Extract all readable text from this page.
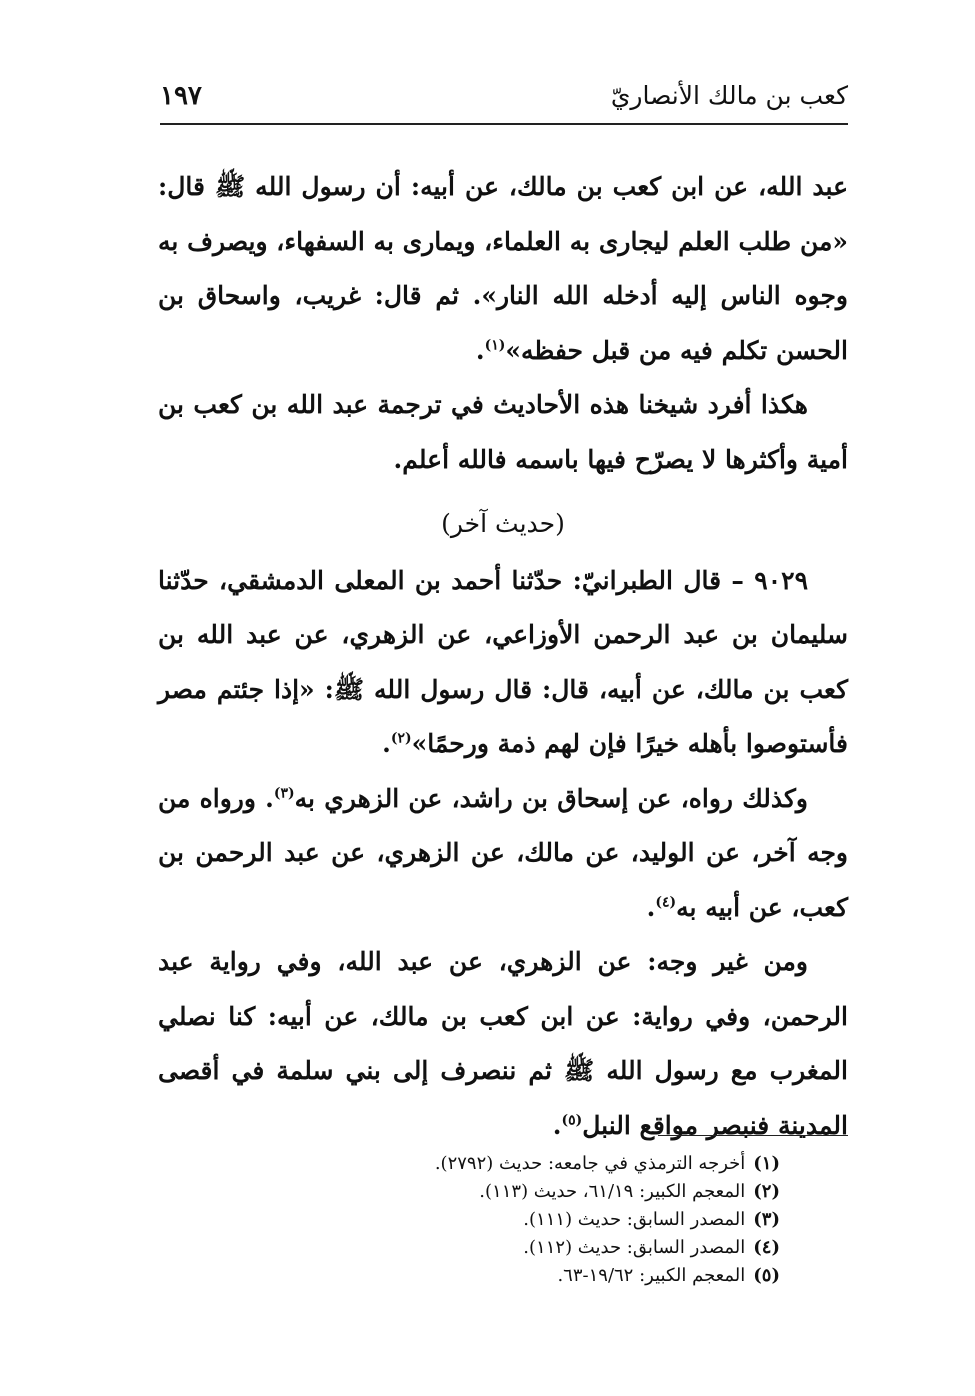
كعب بن مالك الأنصاريّ
١٩٧

عبد الله، عن ابن كعب بن مالك، عن أبيه: أن رسول الله ﷺ قال: «من طلب العلم ليجارى به العلماء، ويمارى به السفهاء، ويصرف به وجوه الناس إليه أدخله الله النار». ثم قال: غريب، واسحاق بن الحسن تكلم فيه من قبل حفظه»$^{(١)}$.

هكذا أفرد شيخنا هذه الأحاديث في ترجمة عبد الله بن كعب بن أمية وأكثرها لا يصرّح فيها باسمه فالله أعلم.

(حديث آخر)

٩٠٢٩ – قال الطبرانيّ: حدّثنا أحمد بن المعلى الدمشقي، حدّثنا سليمان بن عبد الرحمن الأوزاعي، عن الزهري، عن عبد الله بن كعب بن مالك، عن أبيه، قال: قال رسول الله ﷺ: «إذا جئتم مصر فأستوصوا بأهله خيرًا فإن لهم ذمة ورحمًا»$^{(٢)}$.

وكذلك رواه، عن إسحاق بن راشد، عن الزهري به$^{(٣)}$. ورواه من وجه آخر، عن الوليد، عن مالك، عن الزهري، عن عبد الرحمن بن كعب، عن أبيه به$^{(٤)}$.

ومن غير وجه: عن الزهري، عن عبد الله، وفي رواية عبد الرحمن، وفي رواية: عن ابن كعب بن مالك، عن أبيه: كنا نصلي المغرب مع رسول الله ﷺ ثم ننصرف إلى بني سلمة في أقصى المدينة فنبصر مواقع النبل$^{(٥)}$.

(١)أخرجه الترمذي في جامعه: حديث (٢٧٩٢).
(٢)المعجم الكبير: ٦١/١٩، حديث (١١٣).
(٣)المصدر السابق: حديث (١١١).
(٤)المصدر السابق: حديث (١١٢).
(٥)المعجم الكبير: ١٩/٦٢-٦٣.
